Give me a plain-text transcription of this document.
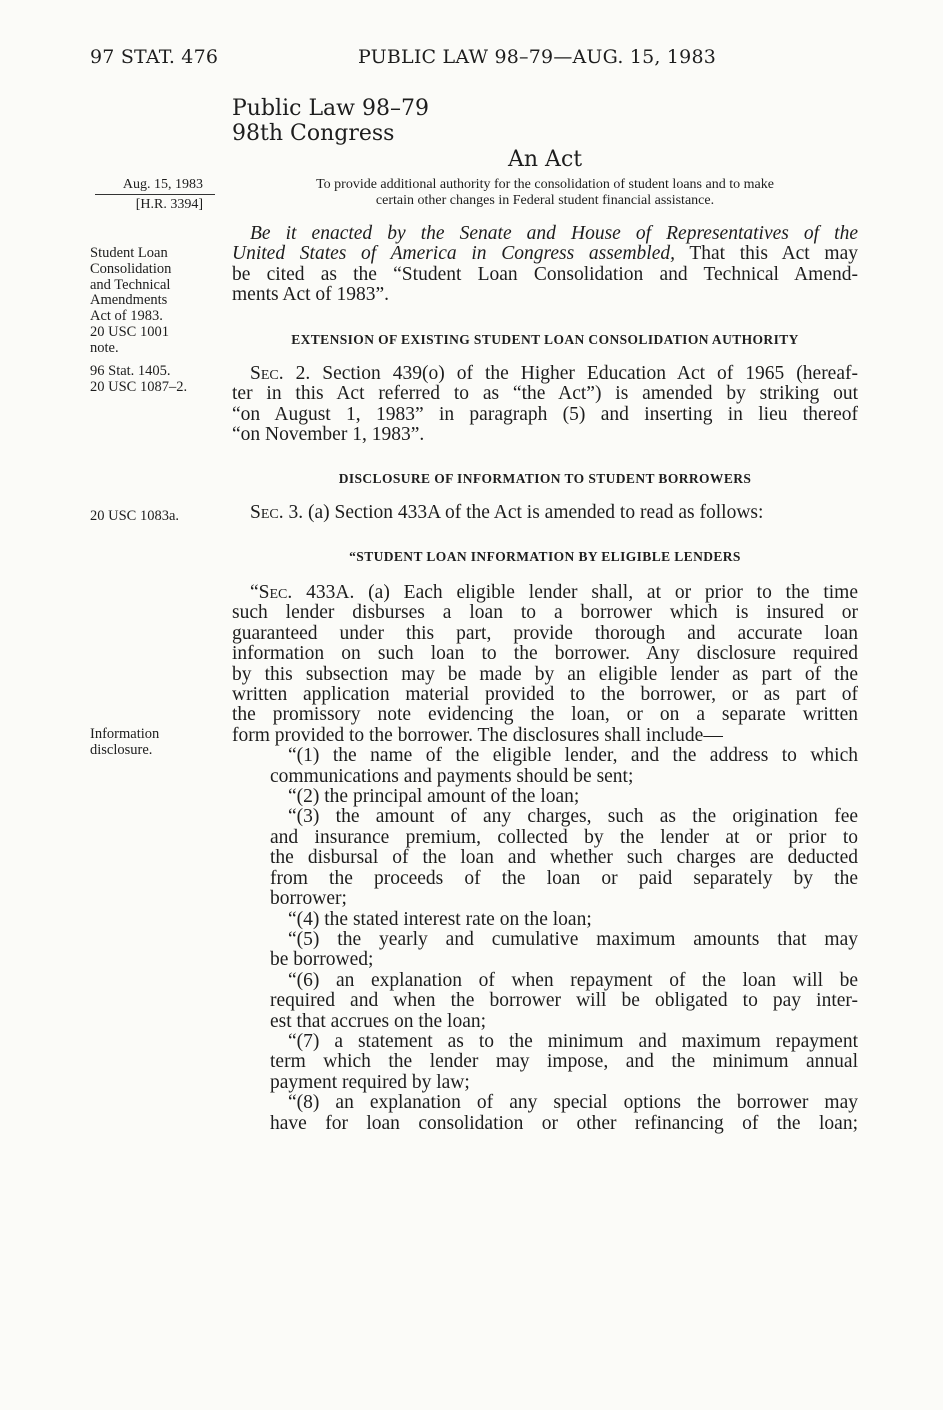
97 STAT. 476	PUBLIC LAW 98–79—AUG. 15, 1983
Public Law 98–79
98th Congress
An Act
Aug. 15, 1983
[H.R. 3394]
To provide additional authority for the consolidation of student loans and to make
certain other changes in Federal student financial assistance.
Student Loan
Consolidation
and Technical
Amendments
Act of 1983.
20 USC 1001
note.
96 Stat. 1405.
20 USC 1087–2.
20 USC 1083a.
Information
disclosure.
Be it enacted by the Senate and House of Representatives of the
United States of America in Congress assembled, That this Act may
be cited as the “Student Loan Consolidation and Technical Amend-
ments Act of 1983”.
EXTENSION OF EXISTING STUDENT LOAN CONSOLIDATION AUTHORITY
Sec. 2. Section 439(o) of the Higher Education Act of 1965 (hereaf-
ter in this Act referred to as “the Act”) is amended by striking out
“on August 1, 1983” in paragraph (5) and inserting in lieu thereof
“on November 1, 1983”.
DISCLOSURE OF INFORMATION TO STUDENT BORROWERS
Sec. 3. (a) Section 433A of the Act is amended to read as follows:
“STUDENT LOAN INFORMATION BY ELIGIBLE LENDERS
“Sec. 433A. (a) Each eligible lender shall, at or prior to the time
such lender disburses a loan to a borrower which is insured or
guaranteed under this part, provide thorough and accurate loan
information on such loan to the borrower. Any disclosure required
by this subsection may be made by an eligible lender as part of the
written application material provided to the borrower, or as part of
the promissory note evidencing the loan, or on a separate written
form provided to the borrower. The disclosures shall include—
“(1) the name of the eligible lender, and the address to which
communications and payments should be sent;
“(2) the principal amount of the loan;
“(3) the amount of any charges, such as the origination fee
and insurance premium, collected by the lender at or prior to
the disbursal of the loan and whether such charges are deducted
from the proceeds of the loan or paid separately by the
borrower;
“(4) the stated interest rate on the loan;
“(5) the yearly and cumulative maximum amounts that may
be borrowed;
“(6) an explanation of when repayment of the loan will be
required and when the borrower will be obligated to pay inter-
est that accrues on the loan;
“(7) a statement as to the minimum and maximum repayment
term which the lender may impose, and the minimum annual
payment required by law;
“(8) an explanation of any special options the borrower may
have for loan consolidation or other refinancing of the loan;
